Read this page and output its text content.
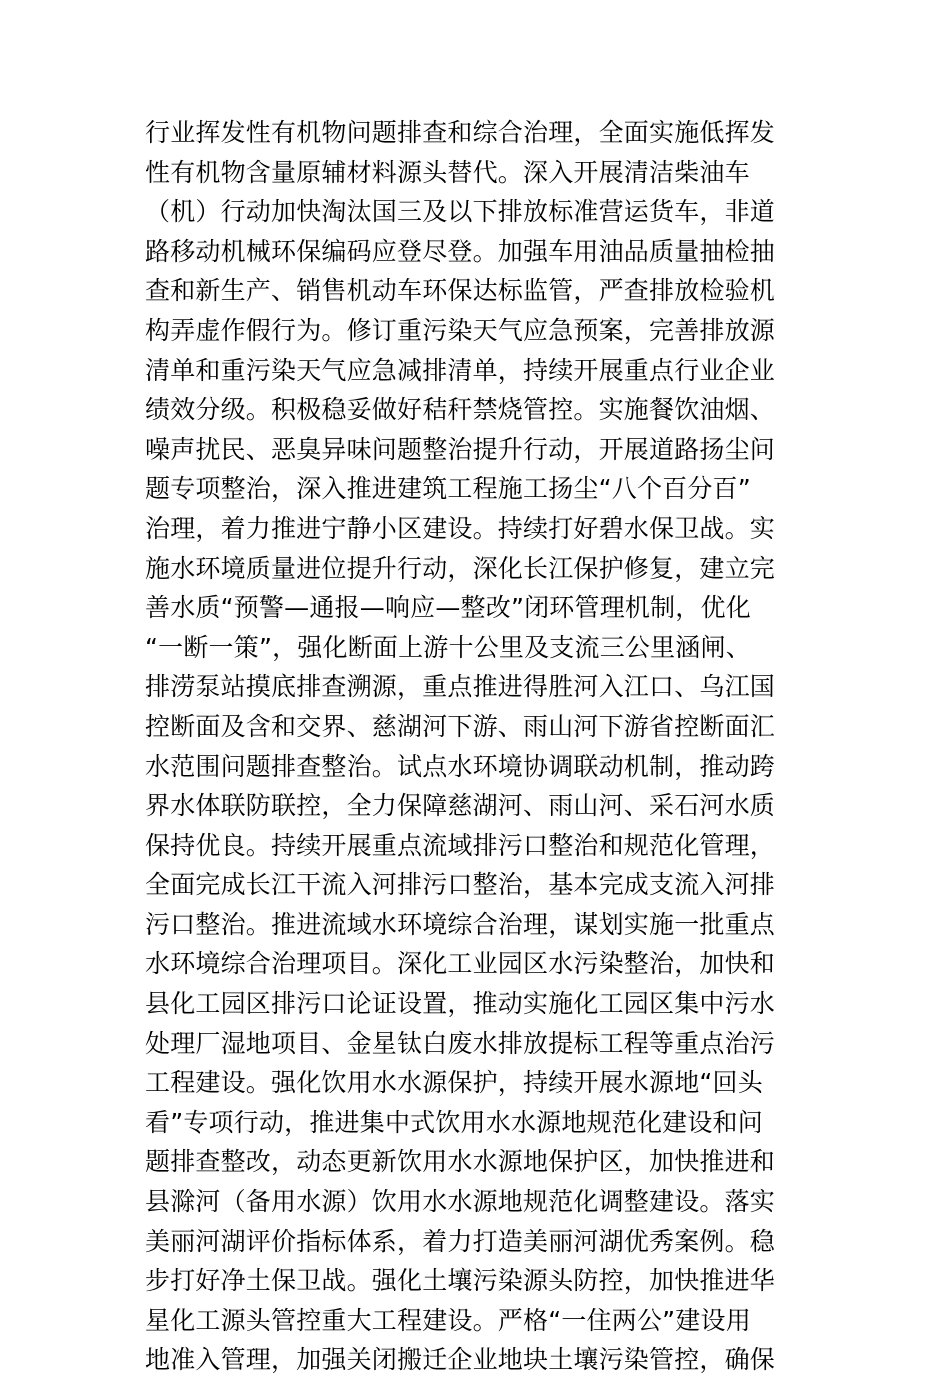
行业挥发性有机物问题排查和综合治理，全面实施低挥发
性有机物含量原辅材料源头替代。深入开展清洁柴油车
（机）行动加快淘汰国三及以下排放标准营运货车，非道
路移动机械环保编码应登尽登。加强车用油品质量抽检抽
查和新生产、销售机动车环保达标监管，严查排放检验机
构弄虚作假行为。修订重污染天气应急预案，完善排放源
清单和重污染天气应急减排清单，持续开展重点行业企业
绩效分级。积极稳妥做好秸秆禁烧管控。实施餐饮油烟、
噪声扰民、恶臭异味问题整治提升行动，开展道路扬尘问
题专项整治，深入推进建筑工程施工扬尘“八个百分百”
治理，着力推进宁静小区建设。持续打好碧水保卫战。实
施水环境质量进位提升行动，深化长江保护修复，建立完
善水质“预警—通报—响应—整改”闭环管理机制，优化
“一断一策”，强化断面上游十公里及支流三公里涵闸、
排涝泵站摸底排查溯源，重点推进得胜河入江口、乌江国
控断面及含和交界、慈湖河下游、雨山河下游省控断面汇
水范围问题排查整治。试点水环境协调联动机制，推动跨
界水体联防联控，全力保障慈湖河、雨山河、采石河水质
保持优良。持续开展重点流域排污口整治和规范化管理，
全面完成长江干流入河排污口整治，基本完成支流入河排
污口整治。推进流域水环境综合治理，谋划实施一批重点
水环境综合治理项目。深化工业园区水污染整治，加快和
县化工园区排污口论证设置，推动实施化工园区集中污水
处理厂湿地项目、金星钛白废水排放提标工程等重点治污
工程建设。强化饮用水水源保护，持续开展水源地“回头
看”专项行动，推进集中式饮用水水源地规范化建设和问
题排查整改，动态更新饮用水水源地保护区，加快推进和
县滁河（备用水源）饮用水水源地规范化调整建设。落实
美丽河湖评价指标体系，着力打造美丽河湖优秀案例。稳
步打好净土保卫战。强化土壤污染源头防控，加快推进华
星化工源头管控重大工程建设。严格“一住两公”建设用
地准入管理，加强关闭搬迁企业地块土壤污染管控，确保
